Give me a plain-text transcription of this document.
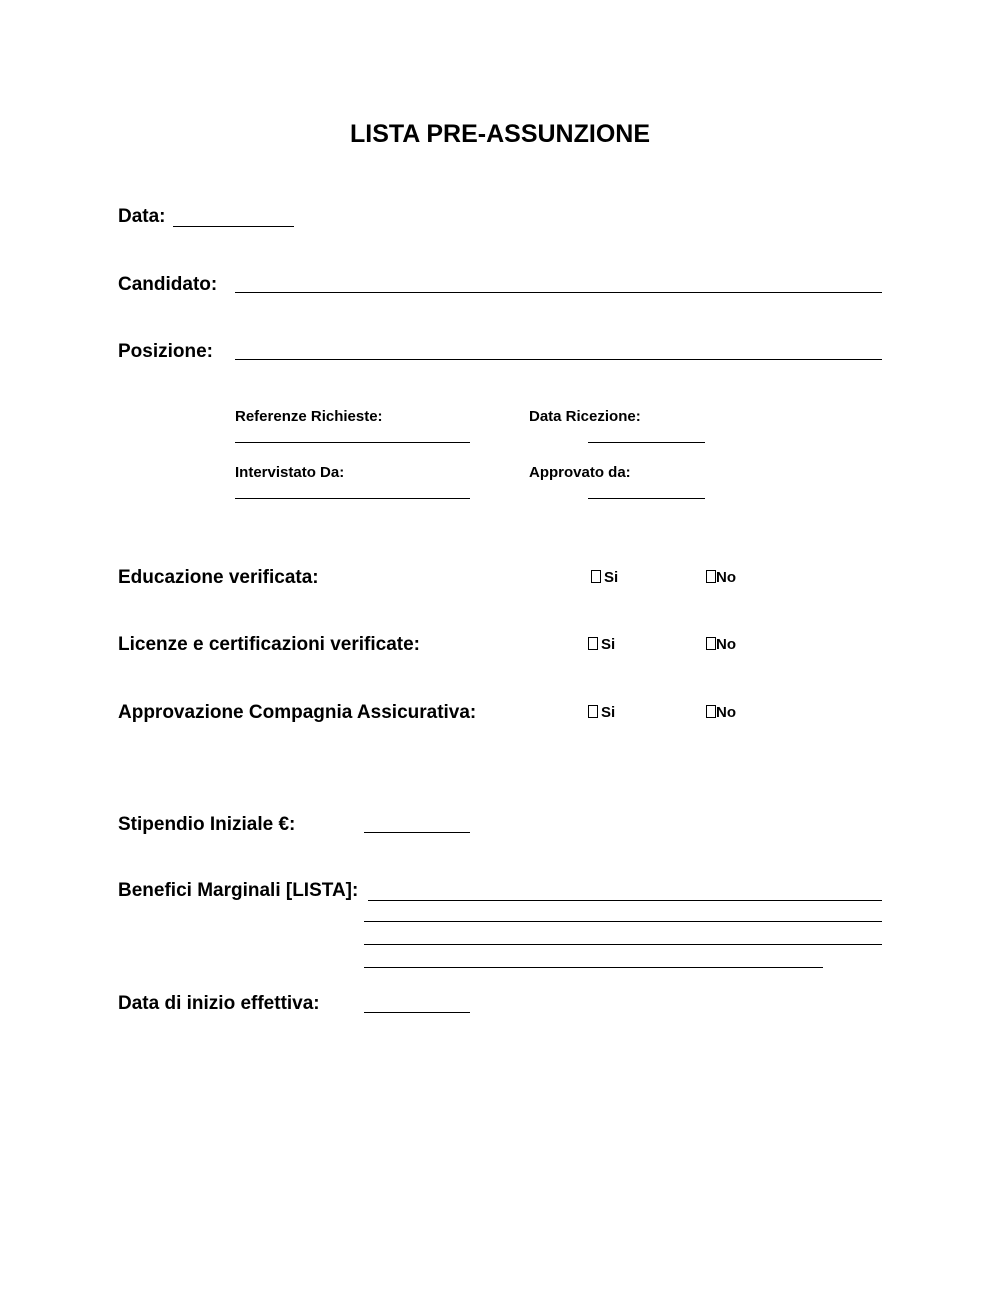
LISTA PRE-ASSUNZIONE
Data:
Candidato:
Posizione:
Referenze Richieste:	Data Ricezione:
Intervistato Da:	Approvato da:
Educazione verificata:	Si	No
Licenze e certificazioni verificate:	Si	No
Approvazione Compagnia Assicurativa:	Si	No
Stipendio Iniziale €:
Benefici Marginali [LISTA]:
Data di inizio effettiva:
